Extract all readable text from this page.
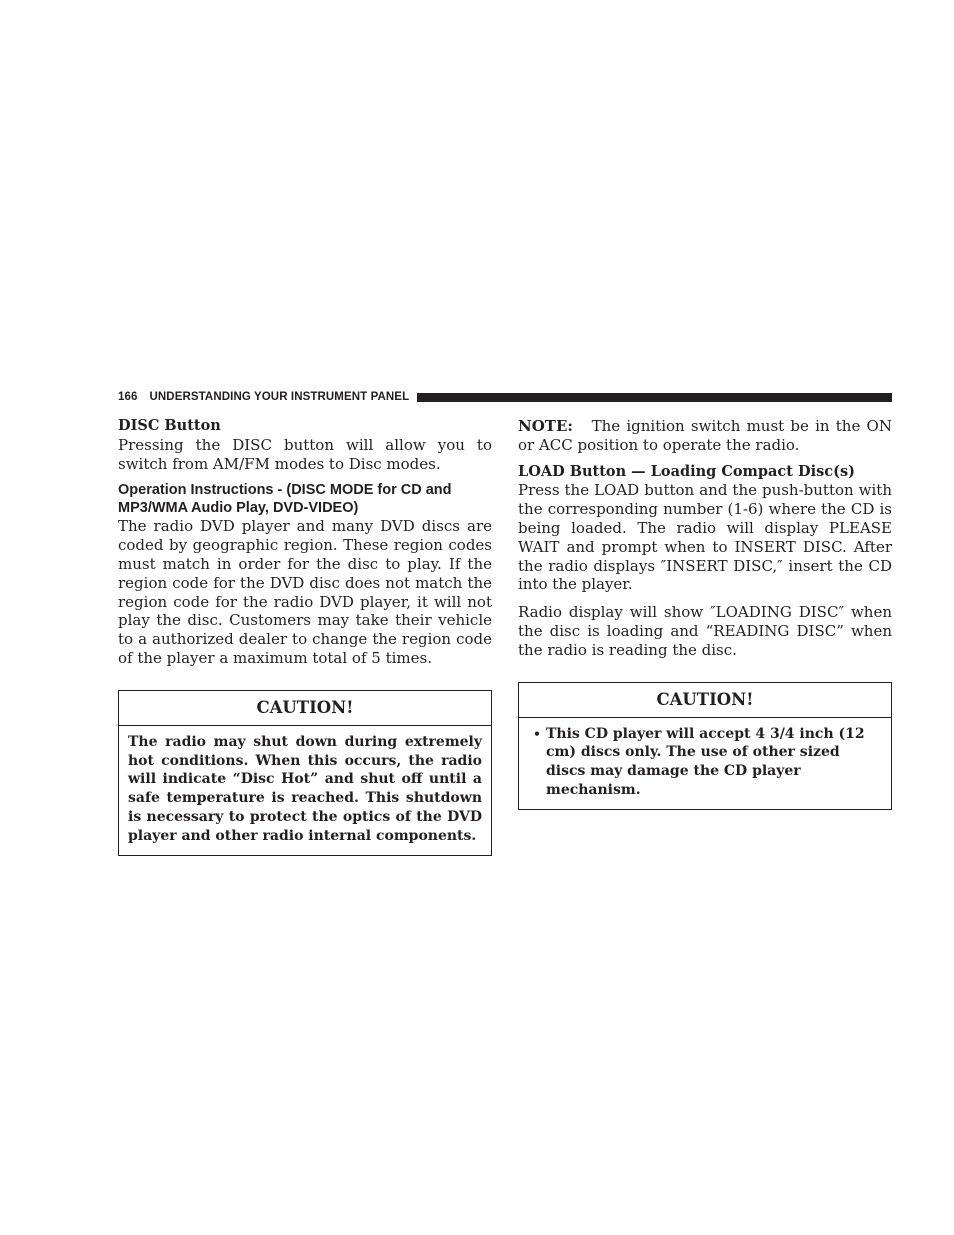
166 UNDERSTANDING YOUR INSTRUMENT PANEL
DISC Button

Pressing the DISC button will allow you to switch from AM/FM modes to Disc modes.

Operation Instructions - (DISC MODE for CD and MP3/WMA Audio Play, DVD-VIDEO)

The radio DVD player and many DVD discs are coded by geographic region. These region codes must match in order for the disc to play. If the region code for the DVD disc does not match the region code for the radio DVD player, it will not play the disc. Customers may take their vehicle to a authorized dealer to change the region code of the player a maximum total of 5 times.

CAUTION!
The radio may shut down during extremely hot conditions. When this occurs, the radio will indicate “Disc Hot” and shut off until a safe temperature is reached. This shutdown is necessary to protect the optics of the DVD player and other radio internal components.

NOTE: The ignition switch must be in the ON or ACC position to operate the radio.

LOAD Button — Loading Compact Disc(s)

Press the LOAD button and the push-button with the corresponding number (1-6) where the CD is being loaded. The radio will display PLEASE WAIT and prompt when to INSERT DISC. After the radio displays ″INSERT DISC,″ insert the CD into the player.

Radio display will show ″LOADING DISC″ when the disc is loading and “READING DISC” when the radio is reading the disc.

CAUTION!
• This CD player will accept 4 3/4 inch (12 cm) discs only. The use of other sized discs may damage the CD player mechanism.
